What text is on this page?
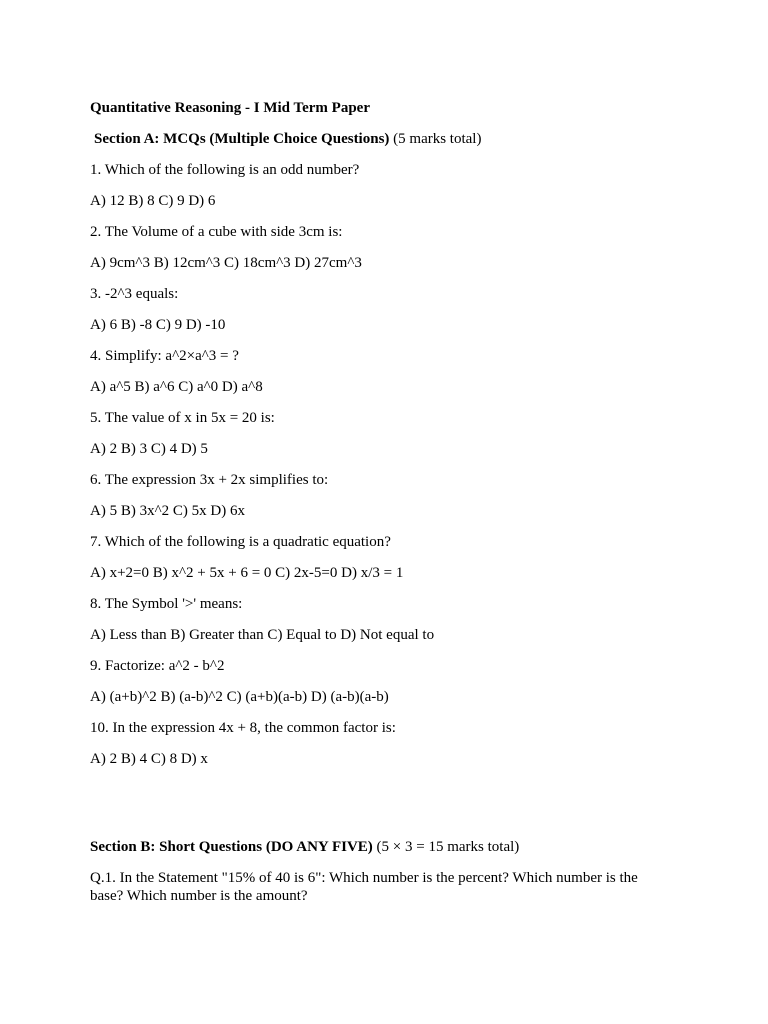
Quantitative Reasoning - I Mid Term Paper

Section A: MCQs (Multiple Choice Questions) (5 marks total)

1. Which of the following is an odd number?

A) 12 B) 8 C) 9 D) 6

2. The Volume of a cube with side 3cm is:

A) 9cm^3 B) 12cm^3 C) 18cm^3 D) 27cm^3

3. -2^3 equals:

A) 6 B) -8 C) 9 D) -10

4. Simplify: a^2×a^3 = ?

A) a^5 B) a^6 C) a^0 D) a^8

5. The value of x in 5x = 20 is:

A) 2 B) 3 C) 4 D) 5

6. The expression 3x + 2x simplifies to:

A) 5 B) 3x^2 C) 5x D) 6x

7. Which of the following is a quadratic equation?

A) x+2=0 B) x^2 + 5x + 6 = 0 C) 2x-5=0 D) x/3 = 1

8. The Symbol '>' means:

A) Less than B) Greater than C) Equal to D) Not equal to

9. Factorize: a^2 - b^2

A) (a+b)^2 B) (a-b)^2 C) (a+b)(a-b) D) (a-b)(a-b)

10. In the expression 4x + 8, the common factor is:

A) 2 B) 4 C) 8 D) x

Section B: Short Questions (DO ANY FIVE) (5 × 3 = 15 marks total)

Q.1. In the Statement "15% of 40 is 6": Which number is the percent? Which number is the base? Which number is the amount?
